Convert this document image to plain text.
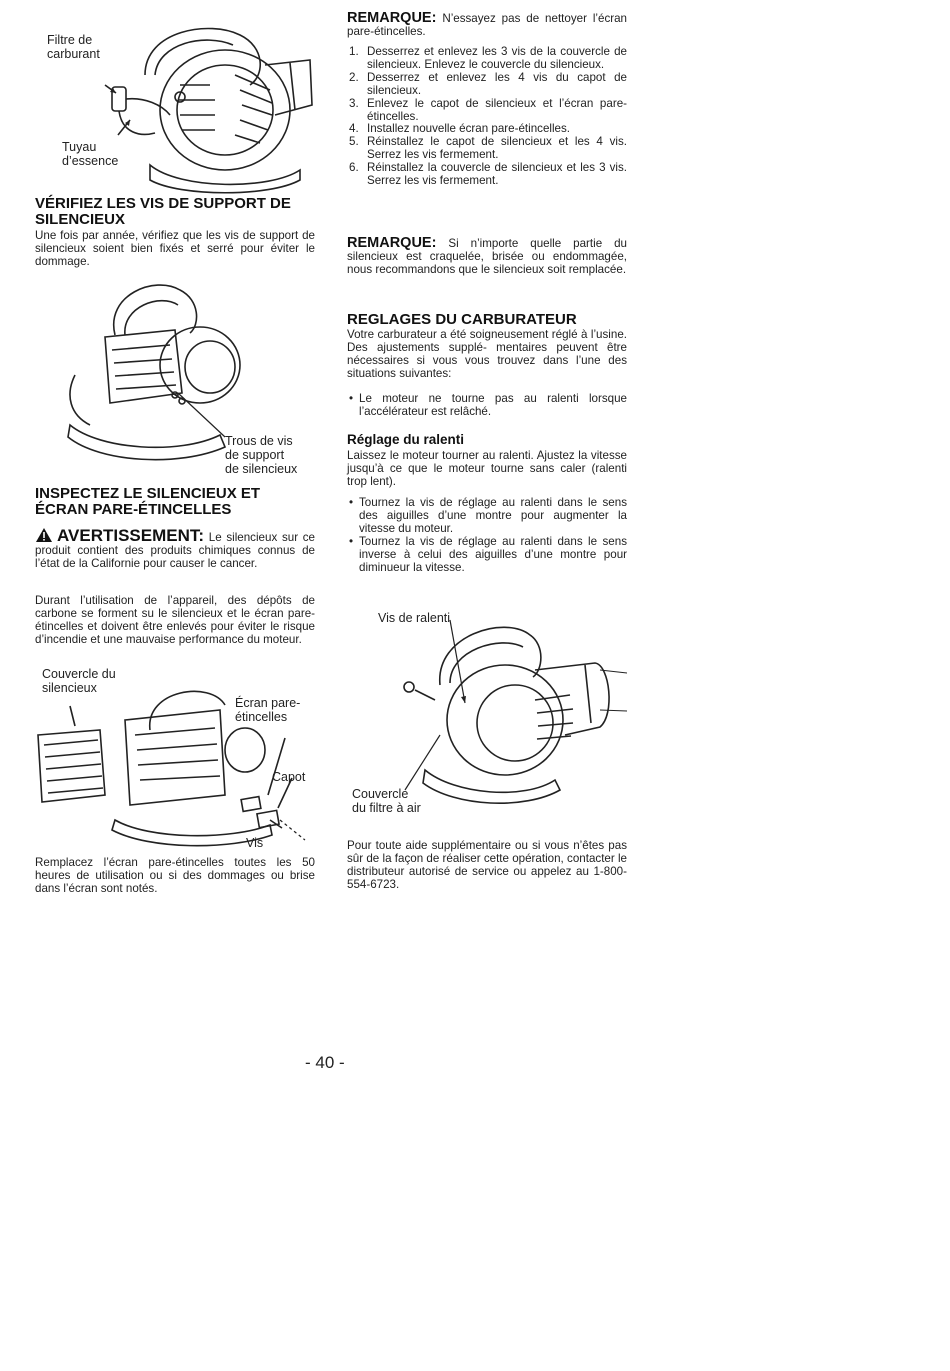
Filtre de
carburant
Tuyau
d’essence
VÉRIFIEZ LES VIS DE SUPPORT DE SILENCIEUX
Une fois par année, vérifiez que les vis de support de silencieux soient bien fixés et serré pour éviter le dommage.
Trous de vis
de support
de silencieux
INSPECTEZ LE SILENCIEUX ET ÉCRAN PARE-ÉTINCELLES
AVERTISSEMENT: Le silencieux sur ce produit contient des produits chimiques connus de l’état de la Californie pour causer le cancer.
Durant l’utilisation de l’appareil, des dépôts de carbone se forment su le silencieux et le écran pare-étincelles et doivent être enlevés pour éviter le risque d’incendie et une mauvaise performance du moteur.
Couvercle du
silencieux
Écran pare-
étincelles
Capot
Vis
Remplacez l’écran pare-étincelles toutes les 50 heures de utilisation ou si des dommages ou brise dans l’écran sont notés.
REMARQUE: N’essayez pas de nettoyer l’écran pare-étincelles.
1. Desserrez et enlevez les 3 vis de la couvercle de silencieux. Enlevez le couvercle du silencieux.
2. Desserrez et enlevez les 4 vis du capot de silencieux.
3. Enlevez le capot de silencieux et l’écran pare-étincelles.
4. Installez nouvelle écran pare-étincelles.
5. Réinstallez le capot de silencieux et les 4 vis. Serrez les vis fermement.
6. Réinstallez la couvercle de silencieux et les 3 vis. Serrez les vis fermement.
REMARQUE: Si n’importe quelle partie du silencieux est craquelée, brisée ou endommagée, nous recommandons que le silencieux soit remplacée.
REGLAGES DU CARBURATEUR
Votre carburateur a été soigneusement réglé à l’usine. Des ajustements supplé- mentaires peuvent être nécessaires si vous vous trouvez dans l’une des situations suivantes:
• Le moteur ne tourne pas au ralenti lorsque l’accélérateur est relâché.
Réglage du ralenti
Laissez le moteur tourner au ralenti. Ajustez la vitesse jusqu’à ce que le moteur tourne sans caler (ralenti trop lent).
• Tournez la vis de réglage au ralenti dans le sens des aiguilles d’une montre pour augmenter la vitesse du moteur.
• Tournez la vis de réglage au ralenti dans le sens inverse à celui des aiguilles d’une montre pour diminueur la vitesse.
Vis de ralenti
Couvercle
du filtre à air
Pour toute aide supplémentaire ou si vous n’êtes pas sûr de la façon de réaliser cette opération, contacter le distributeur autorisé de service ou appelez au 1-800-554-6723.
- 40 -
